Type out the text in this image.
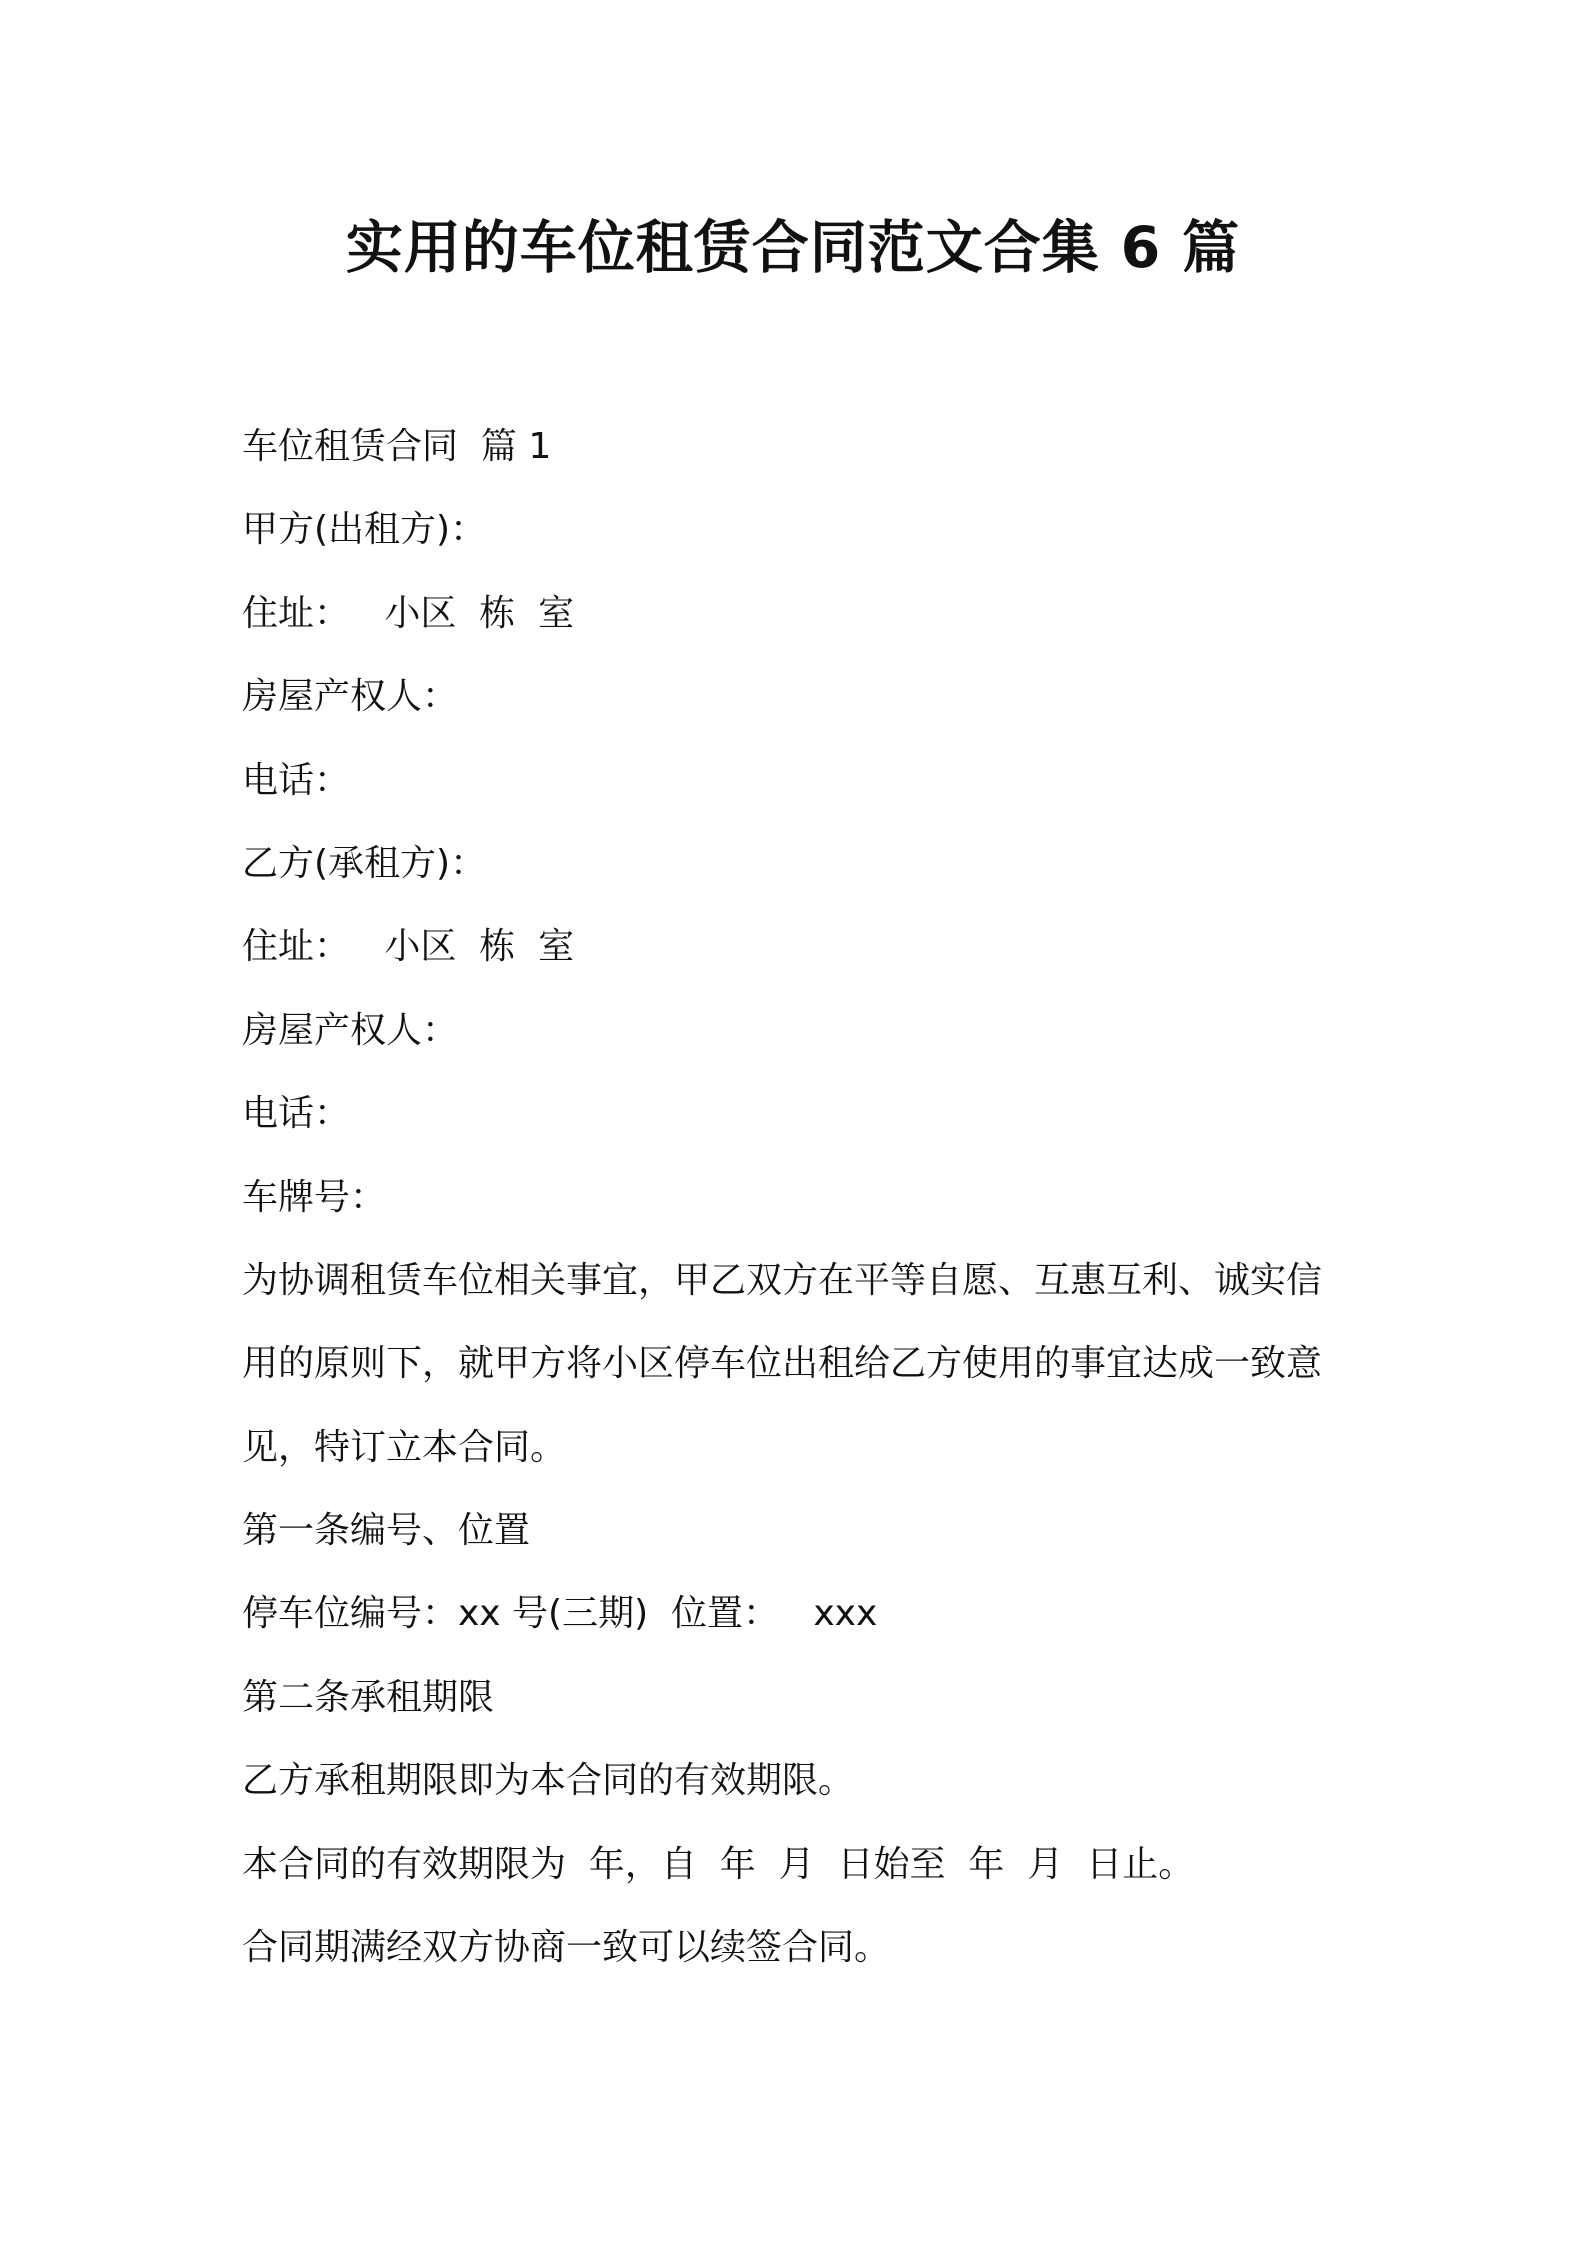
实用的车位租赁合同范文合集 6 篇

车位租赁合同  篇 1

甲方(出租方)：

住址：   小区  栋  室

房屋产权人：

电话：

乙方(承租方)：

住址：   小区  栋  室

房屋产权人：

电话：

车牌号：

为协调租赁车位相关事宜，甲乙双方在平等自愿、互惠互利、诚实信

用的原则下，就甲方将小区停车位出租给乙方使用的事宜达成一致意

见，特订立本合同。

第一条编号、位置

停车位编号：xx 号(三期)  位置：   xxx

第二条承租期限

乙方承租期限即为本合同的有效期限。

本合同的有效期限为  年，自  年  月  日始至  年  月  日止。

合同期满经双方协商一致可以续签合同。
